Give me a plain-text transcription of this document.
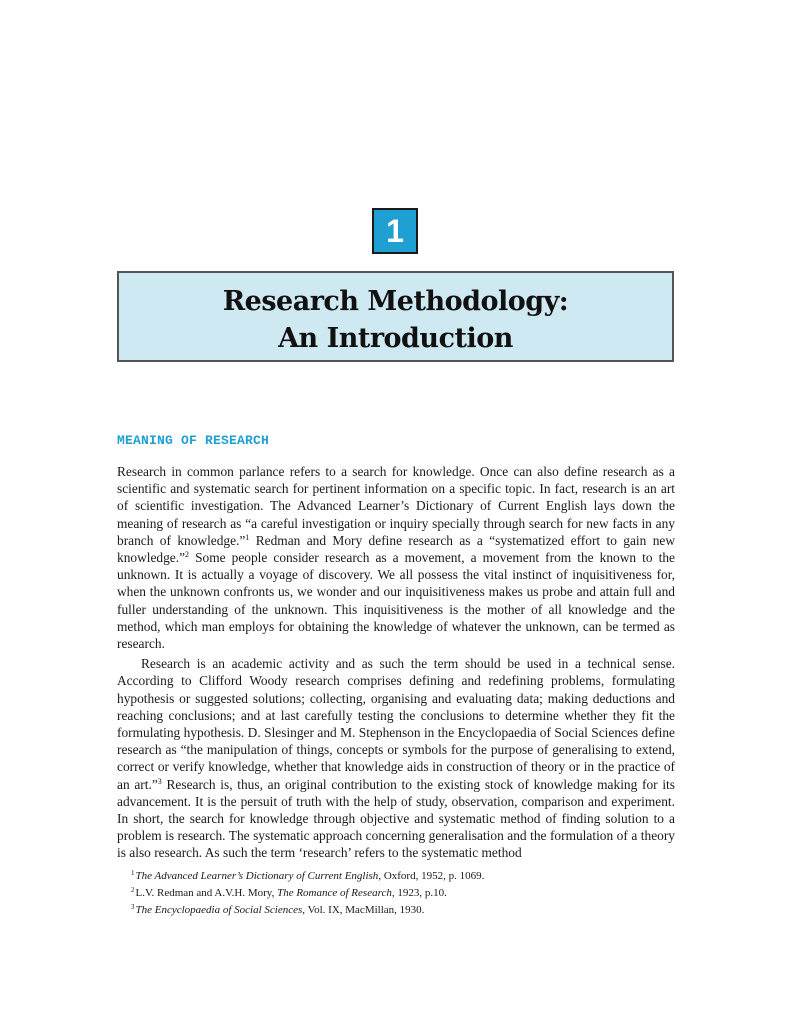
1
Research Methodology:
An Introduction
MEANING OF RESEARCH

Research in common parlance refers to a search for knowledge. Once can also define research as a scientific and systematic search for pertinent information on a specific topic. In fact, research is an art of scientific investigation. The Advanced Learner’s Dictionary of Current English lays down the meaning of research as “a careful investigation or inquiry specially through search for new facts in any branch of knowledge.”$^1$ Redman and Mory define research as a “systematized effort to gain new knowledge.”$^2$ Some people consider research as a movement, a movement from the known to the unknown. It is actually a voyage of discovery. We all possess the vital instinct of inquisitiveness for, when the unknown confronts us, we wonder and our inquisitiveness makes us probe and attain full and fuller understanding of the unknown. This inquisitiveness is the mother of all knowledge and the method, which man employs for obtaining the knowledge of whatever the unknown, can be termed as research.

Research is an academic activity and as such the term should be used in a technical sense. According to Clifford Woody research comprises defining and redefining problems, formulating hypothesis or suggested solutions; collecting, organising and evaluating data; making deductions and reaching conclusions; and at last carefully testing the conclusions to determine whether they fit the formulating hypothesis. D. Slesinger and M. Stephenson in the Encyclopaedia of Social Sciences define research as “the manipulation of things, concepts or symbols for the purpose of generalising to extend, correct or verify knowledge, whether that knowledge aids in construction of theory or in the practice of an art.”$^3$ Research is, thus, an original contribution to the existing stock of knowledge making for its advancement. It is the persuit of truth with the help of study, observation, comparison and experiment. In short, the search for knowledge through objective and systematic method of finding solution to a problem is research. The systematic approach concerning generalisation and the formulation of a theory is also research. As such the term ‘research’ refers to the systematic method

$^1$The Advanced Learner’s Dictionary of Current English, Oxford, 1952, p. 1069.
$^2$L.V. Redman and A.V.H. Mory, The Romance of Research, 1923, p.10.
$^3$The Encyclopaedia of Social Sciences, Vol. IX, MacMillan, 1930.
